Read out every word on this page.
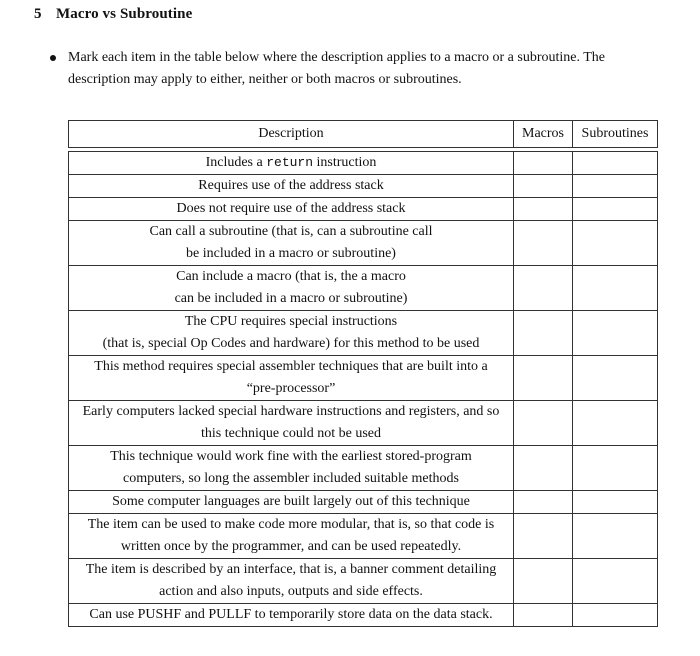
5 Macro vs Subroutine
Mark each item in the table below where the description applies to a macro or a subroutine. The
description may apply to either, neither or both macros or subroutines.
Description	Macros	Subroutines

Includes a return instruction		

Requires use of the address stack		

Does not require use of the address stack		

Can call a subroutine (that is, can a subroutine call
be included in a macro or subroutine)		

Can include a macro (that is, the a macro
can be included in a macro or subroutine)		

The CPU requires special instructions
(that is, special Op Codes and hardware) for this method to be used		

This method requires special assembler techniques that are built into a
“pre-processor”		

Early computers lacked special hardware instructions and registers, and so
this technique could not be used		

This technique would work fine with the earliest stored-program
computers, so long the assembler included suitable methods		

Some computer languages are built largely out of this technique		

The item can be used to make code more modular, that is, so that code is
written once by the programmer, and can be used repeatedly.		

The item is described by an interface, that is, a banner comment detailing
action and also inputs, outputs and side effects.		

Can use PUSHF and PULLF to temporarily store data on the data stack.		
